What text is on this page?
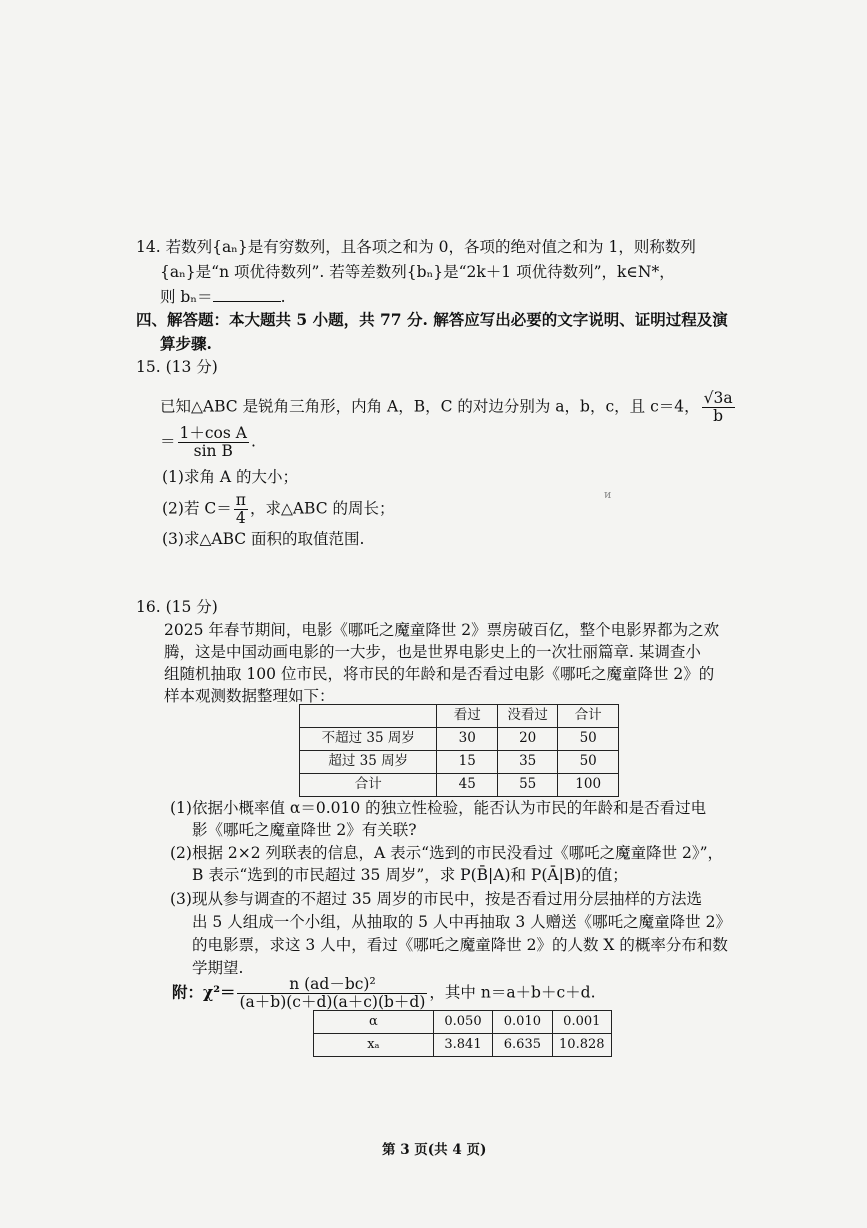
14. 若数列{aₙ}是有穷数列，且各项之和为 0，各项的绝对值之和为 1，则称数列
{aₙ}是“n 项优待数列”. 若等差数列{bₙ}是“2k＋1 项优待数列”，k∈N*，
则 bₙ＝	.
四、解答题：本大题共 5 小题，共 77 分. 解答应写出必要的文字说明、证明过程及演
算步骤.
15. (13 分)
已知△ABC 是锐角三角形，内角 A，B，C 的对边分别为 a，b，c，且 c＝4， $\frac{√3a}{b}$
＝ $\frac{\text{1＋cos A}}{\text{sin B}}$ .
(1)求角 A 的大小；
(2)若 $C= \frac{\pi}{4}$ ，求△ABC 的周长；
ᴎ
(3)求△ABC 面积的取值范围.
16. (15 分)
2025 年春节期间，电影《哪吒之魔童降世 2》票房破百亿，整个电影界都为之欢
腾，这是中国动画电影的一大步，也是世界电影史上的一次壮丽篇章. 某调查小
组随机抽取 100 位市民，将市民的年龄和是否看过电影《哪吒之魔童降世 2》的
样本观测数据整理如下：
	看过	没看过	合计
不超过 35 周岁	30	20	50
超过 35 周岁	15	35	50
合计	45	55	100
(1)依据小概率值 α＝0.010 的独立性检验，能否认为市民的年龄和是否看过电
影《哪吒之魔童降世 2》有关联?
(2)根据 2×2 列联表的信息，A 表示“选到的市民没看过《哪吒之魔童降世 2》”，
B 表示“选到的市民超过 35 周岁”，求 P(B̄|A)和 P(Ā|B)的值；
(3)现从参与调查的不超过 35 周岁的市民中，按是否看过用分层抽样的方法选
出 5 人组成一个小组，从抽取的 5 人中再抽取 3 人赠送《哪吒之魔童降世 2》
的电影票，求这 3 人中，看过《哪吒之魔童降世 2》的人数 X 的概率分布和数
学期望.
附：$\chi^2= \frac{\text{n (ad－bc)²}}{(a+b)(c+d)(a+c)(b+d)}$ ，其中 n＝a＋b＋c＋d.
α	0.050	0.010	0.001
xₐ	3.841	6.635	10.828
第 3 页(共 4 页)
